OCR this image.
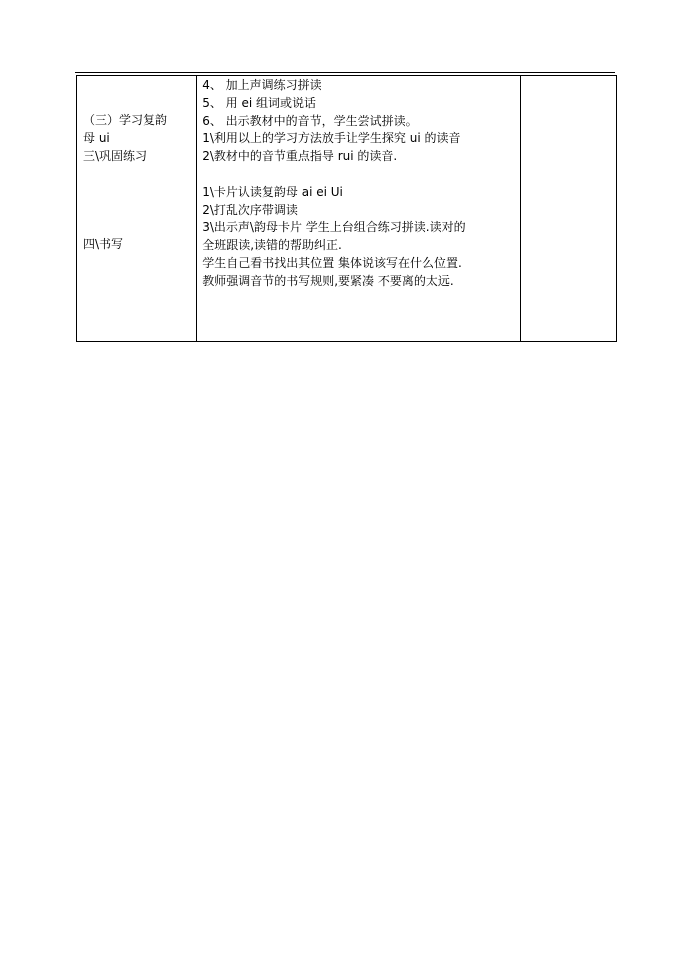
（三）学习复韵
母 ui
三\巩固练习
四\书写

4、 加上声调练习拼读
5、 用 ei 组词或说话
6、 出示教材中的音节，学生尝试拼读。
1\利用以上的学习方法放手让学生探究 ui 的读音
2\教材中的音节重点指导 rui 的读音.
1\卡片认读复韵母 ai ei Ui
2\打乱次序带调读
3\出示声\韵母卡片 学生上台组合练习拼读.读对的
全班跟读,读错的帮助纠正.
学生自己看书找出其位置 集体说该写在什么位置.
教师强调音节的书写规则,要紧凑 不要离的太远.
